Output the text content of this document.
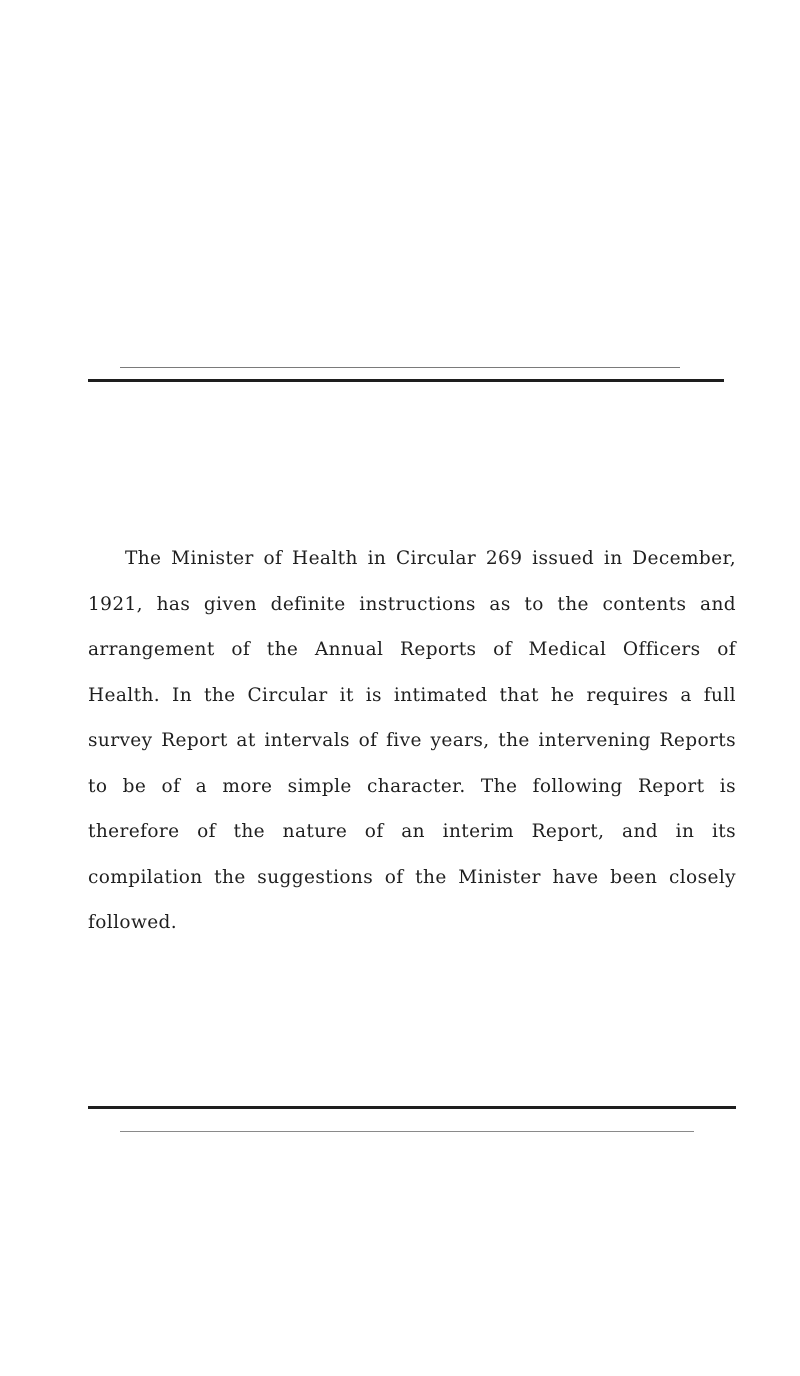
The Minister of Health in Circular 269 issued in December,
1921, has given definite instructions as to the contents and
arrangement of the Annual Reports of Medical Officers of
Health. In the Circular it is intimated that he requires a full
survey Report at intervals of five years, the intervening Reports
to be of a more simple character. The following Report is
therefore of the nature of an interim Report, and in its
compilation the suggestions of the Minister have been closely
followed.
